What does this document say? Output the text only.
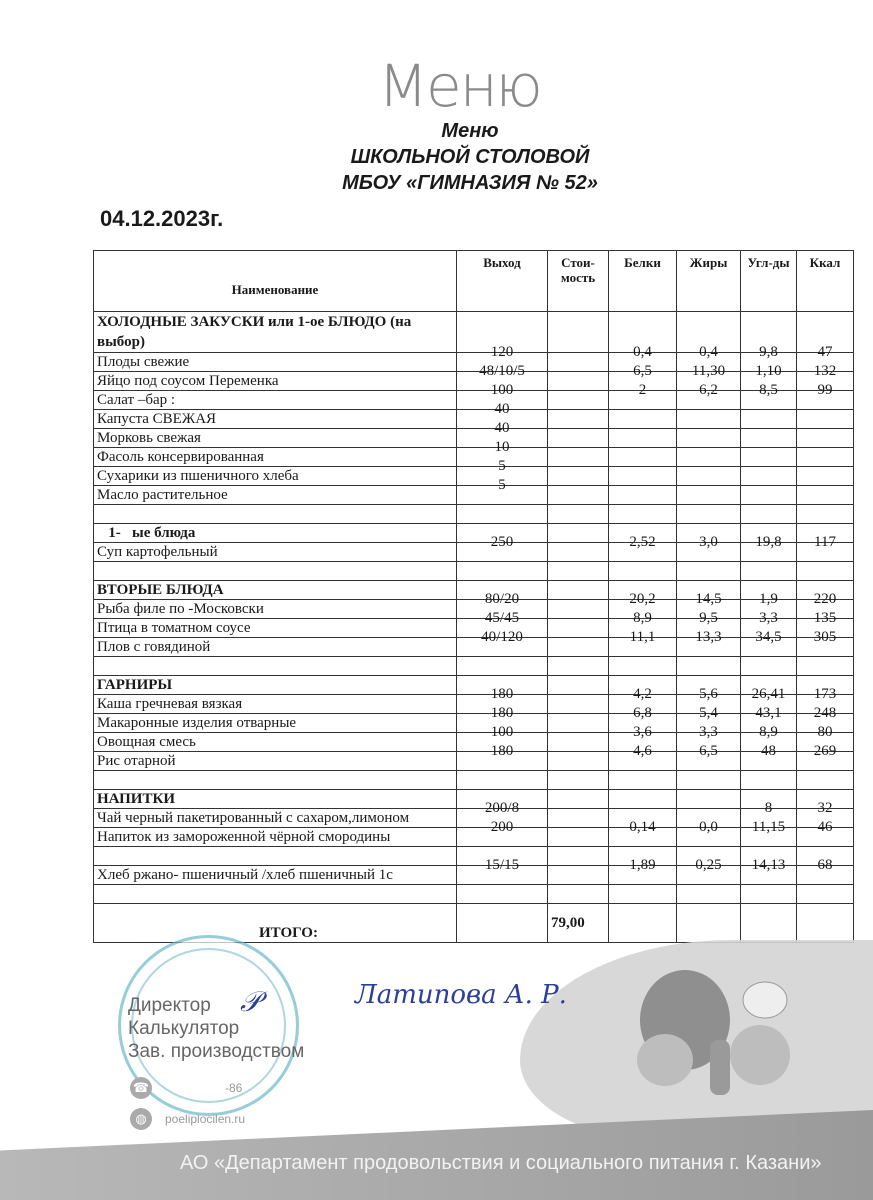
Меню
Меню
ШКОЛЬНОЙ СТОЛОВОЙ
МБОУ «ГИМНАЗИЯ № 52»
04.12.2023г.
Наименование	Выход	Стои-мость	Белки	Жиры	Угл-ды	Ккал
ХОЛОДНЫЕ ЗАКУСКИ или 1-ое БЛЮДО (на выбор)						
Плоды свежие	120		0,4	0,4	9,8	47
Яйцо под соусом Переменка	48/10/5		6,5	11,30	1,10	132
Салат –бар :	100		2	6,2	8,5	99
Капуста СВЕЖАЯ	40					
Морковь свежая	40					
Фасоль консервированная	10					
Сухарики из пшеничного хлеба	5					
Масло растительное	5					

1-   ые блюда						
Суп картофельный	250		2,52	3,0	19,8	117

ВТОРЫЕ БЛЮДА						
Рыба филе по -Московски	80/20		20,2	14,5	1,9	220
Птица в томатном соусе	45/45		8,9	9,5	3,3	135
Плов с говядиной	40/120		11,1	13,3	34,5	305

ГАРНИРЫ						
Каша гречневая вязкая	180		4,2	5,6	26,41	173
Макаронные изделия отварные	180		6,8	5,4	43,1	248
Овощная смесь	100		3,6	3,3	8,9	80
Рис отарной	180		4,6	6,5	48	269

НАПИТКИ						
Чай черный пакетированный с сахаром,лимоном	200/8				8	32
Напиток из замороженной чёрной смородины	200		0,14	0,0	11,15	46

Хлеб ржано- пшеничный /хлеб пшеничный 1с	15/15		1,89	0,25	14,13	68

ИТОГО:		79,00				
Директор
Калькулятор
Зав. производством
☎	-86
◍	poeliplocilen.ru
𝒫	Латипова А. Р.
АО «Департамент продовольствия и социального питания г. Казани»
